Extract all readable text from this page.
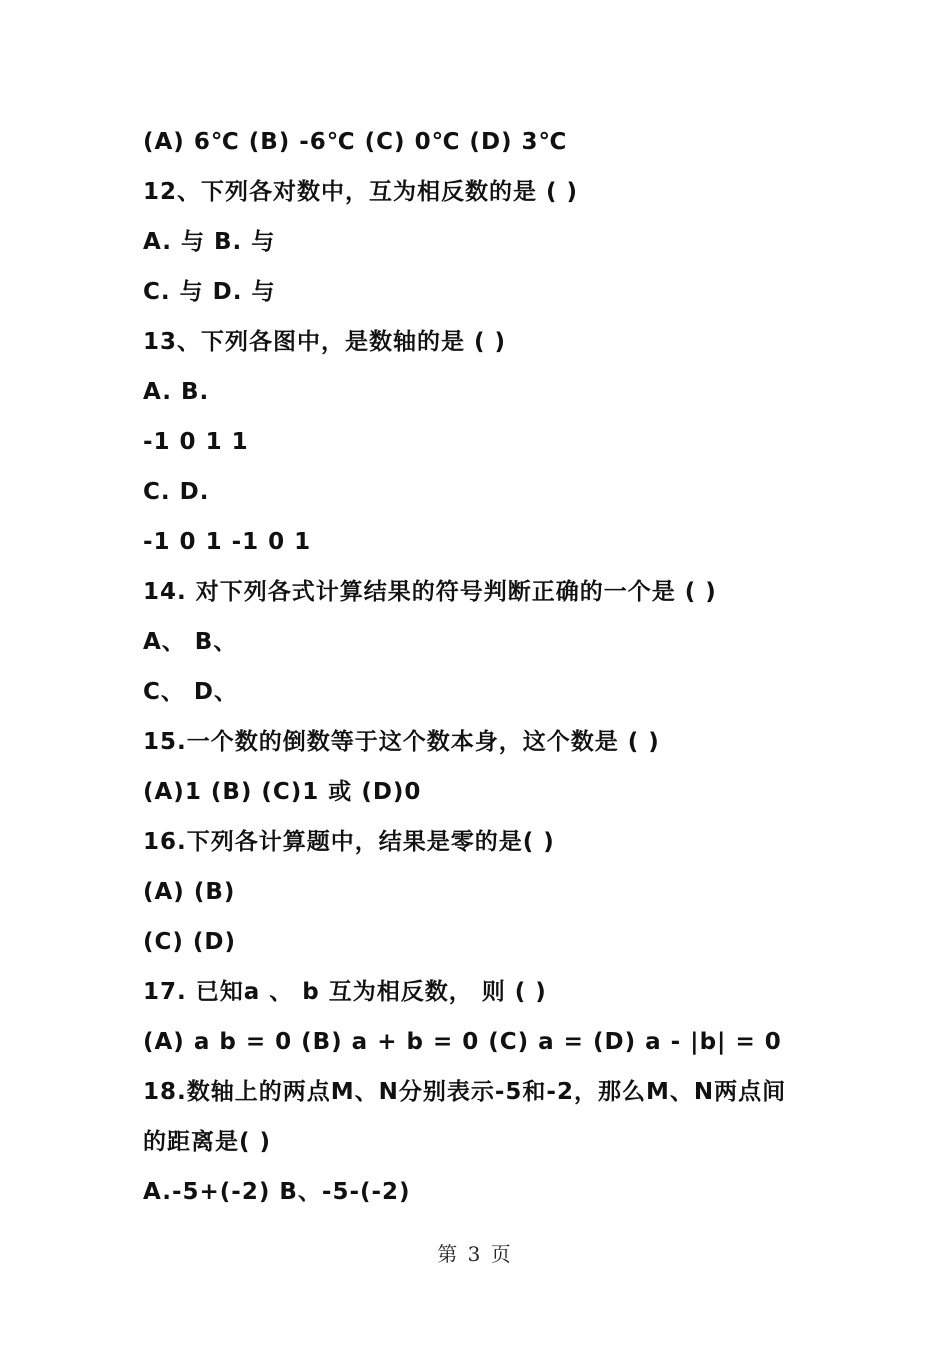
(A) 6℃ (B) -6℃ (C) 0℃ (D) 3℃
12、下列各对数中，互为相反数的是 ( )
A. 与 B. 与
C. 与 D. 与
13、下列各图中，是数轴的是 ( )
A. B.
-1 0 1 1
C. D.
-1 0 1 -1 0 1
14. 对下列各式计算结果的符号判断正确的一个是 ( )
A、 B、
C、 D、
15.一个数的倒数等于这个数本身，这个数是 ( )
(A)1 (B) (C)1 或 (D)0
16.下列各计算题中，结果是零的是( )
(A) (B)
(C) (D)
17. 已知a 、 b 互为相反数， 则 ( )
(A) a b = 0 (B) a + b = 0 (C) a = (D) a - |b| = 0
18.数轴上的两点M、N分别表示-5和-2，那么M、N两点间
的距离是( )
A.-5+(-2) B、-5-(-2)
第 3 页
